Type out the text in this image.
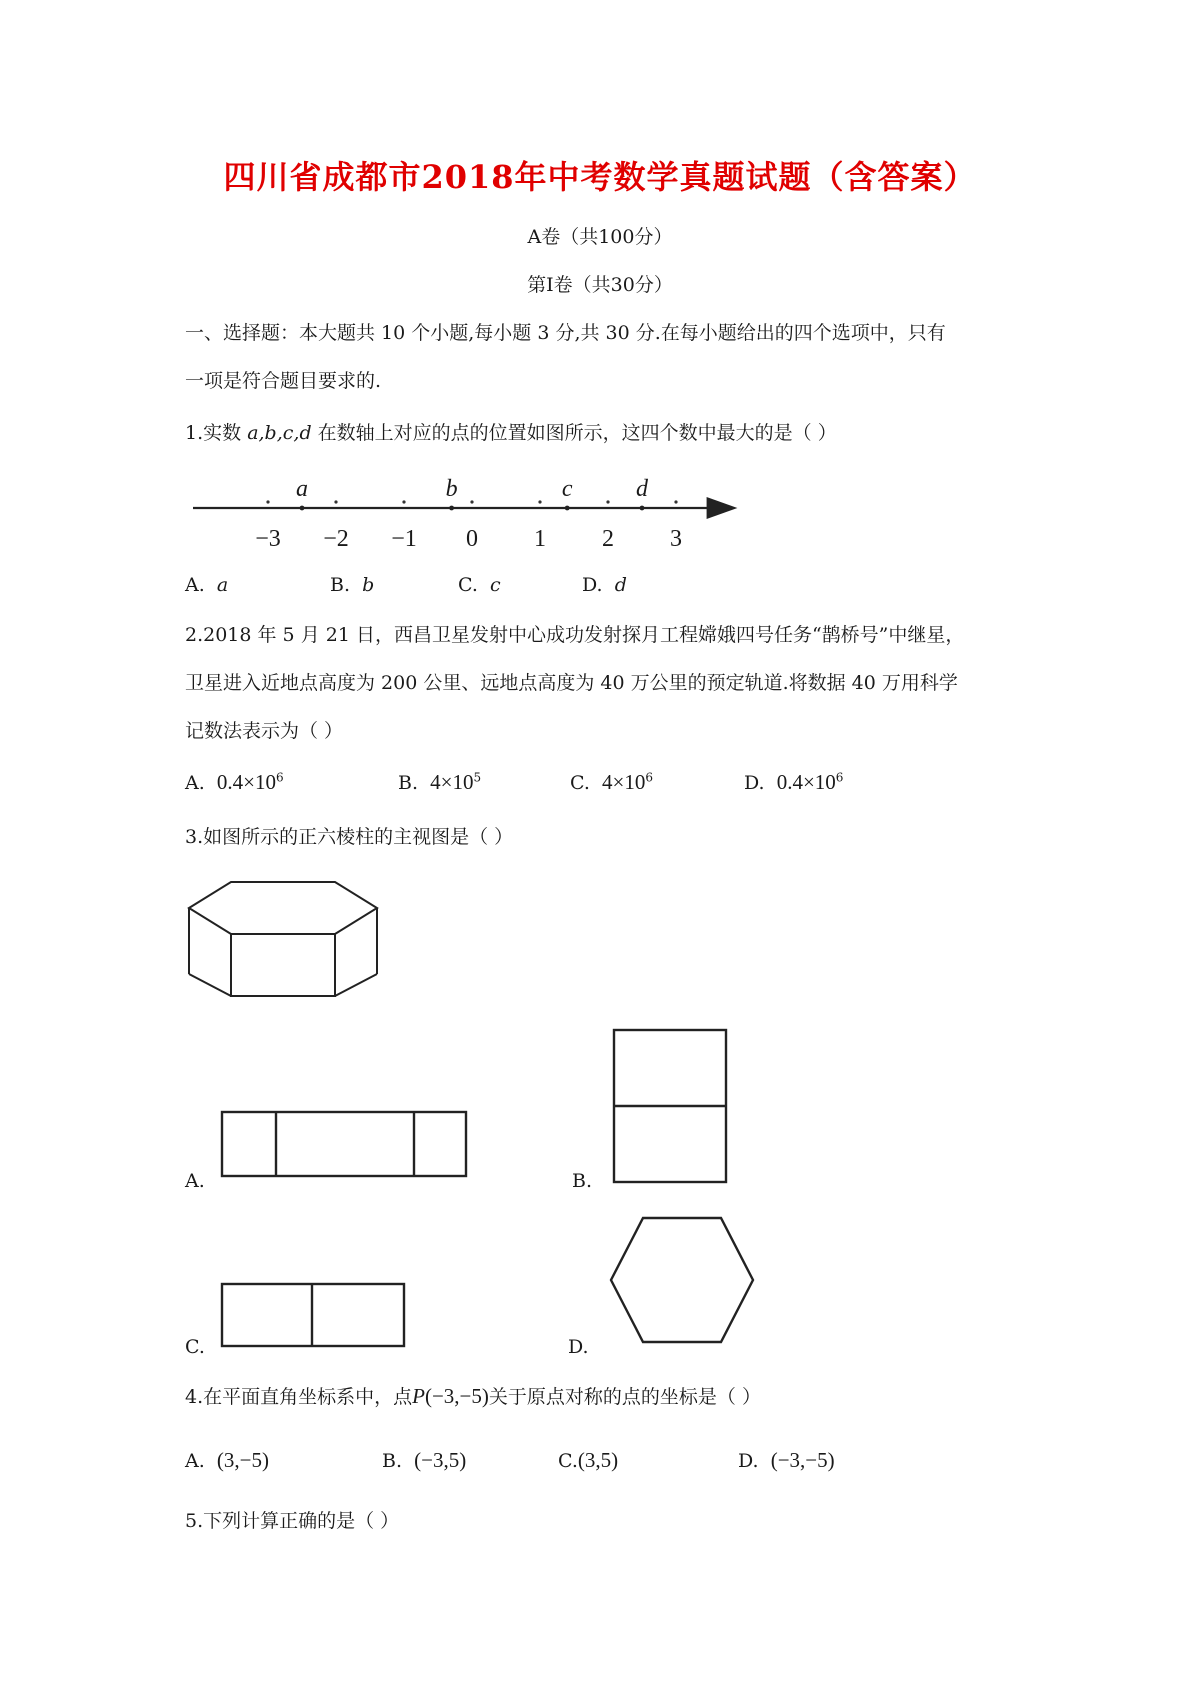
四川省成都市2018年中考数学真题试题（含答案）
A卷（共100分）
第Ⅰ卷（共30分）
一、选择题：本大题共 10 个小题,每小题 3 分,共 30 分.在每小题给出的四个选项中，只有
一项是符合题目要求的.
1.实数 a,b,c,d 在数轴上对应的点的位置如图所示，这四个数中最大的是（ ）
−3 −2 −1 0 1 2 3
a	b	c	d
A. a	B. b	C. c	D. d
2.2018 年 5 月 21 日，西昌卫星发射中心成功发射探月工程嫦娥四号任务“鹊桥号”中继星，
卫星进入近地点高度为 200 公里、远地点高度为 40 万公里的预定轨道.将数据 40 万用科学
记数法表示为（ ）
A. $0.4\times 10^6$	B. $4\times 10^5$	C. $4\times 10^6$	D. $0.4\times 10^6$
3.如图所示的正六棱柱的主视图是（ ）
A.	B.
C.	D.
4.在平面直角坐标系中，点P(−3,−5)关于原点对称的点的坐标是（ ）
A. (3,−5)	B. (−3,5)	C.(3,5)	D. (−3,−5)
5.下列计算正确的是（ ）
